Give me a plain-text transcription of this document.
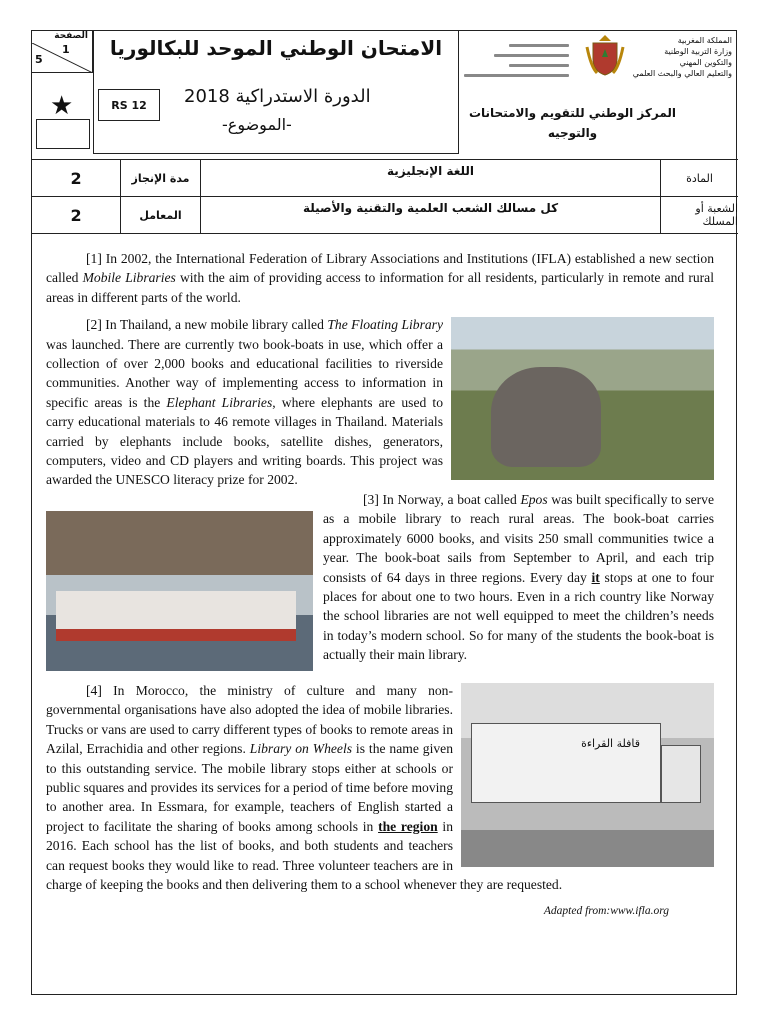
الصفحة
1
5
★
الامتحان الوطني الموحد للبكالوريا
RS 12	الدورة الاستدراكية 2018
-الموضوع-
المملكة المغربية
وزارة التربية الوطنية
والتكوين المهني
والتعليم العالي والبحث العلمي
المركز الوطني للتقويم والامتحانات
والتوجيه
المادة
اللغة الإنجليزية
مدة الإنجاز
2
الشعبة أو المسلك
كل مسالك الشعب العلمية والتقنية والأصيلة
المعامل
2

[1] In 2002, the International Federation of Library Associations and Institutions (IFLA) established a new section called Mobile Libraries with the aim of providing access to information for all residents, particularly in remote and rural areas in different parts of the world.

[2] In Thailand, a new mobile library called The Floating Library was launched. There are currently two book-boats in use, which offer a collection of over 2,000 books and educational facilities to riverside communities. Another way of implementing access to information in specific areas is the Elephant Libraries, where elephants are used to carry educational materials to 46 remote villages in Thailand. Materials carried by elephants include books, satellite dishes, generators, computers, video and CD players and writing boards. This project was awarded the UNESCO literacy prize for 2002.

[3] In Norway, a boat called Epos was built specifically to serve as a mobile library to reach rural areas. The book-boat carries approximately 6000 books, and visits 250 small communities twice a year. The book-boat sails from September to April, and each trip consists of 64 days in three regions. Every day it stops at one to four places for about one to two hours. Even in a rich country like Norway the school libraries are not well equipped to meet the children’s needs in today’s modern school. So for many of the students the book-boat is actually their main library.

قافلة القراءة
[4] In Morocco, the ministry of culture and many non-governmental organisations have also adopted the idea of mobile libraries. Trucks or vans are used to carry different types of books to remote areas in Azilal, Errachidia and other regions. Library on Wheels is the name given to this outstanding service. The mobile library stops either at schools or public squares and provides its services for a period of time before moving to another area. In Essmara, for example, teachers of English started a project to facilitate the sharing of books among schools in the region in 2016. Each school has the list of books, and both students and teachers can request books they would like to read. Three volunteer teachers are in charge of keeping the books and then delivering them to a school whenever they are requested.

Adapted from:www.ifla.org
